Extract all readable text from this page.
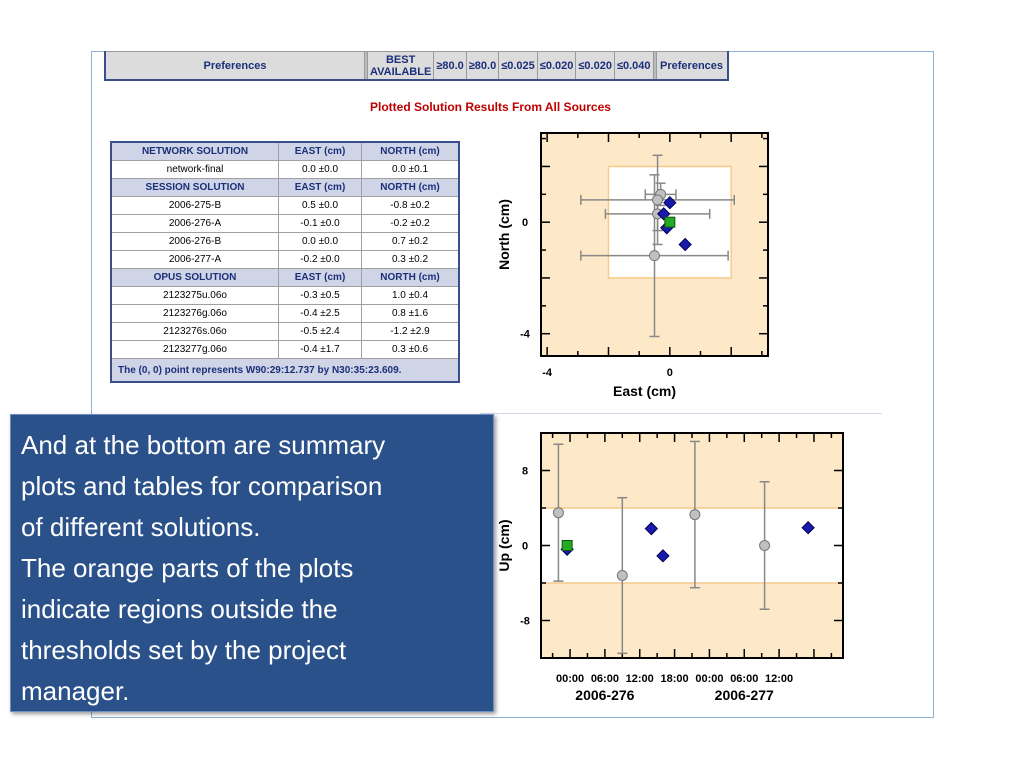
Preferences		BEST
AVAILABLE	≥80.0	≥80.0	≤0.025	≤0.020	≤0.020	≤0.040		Preferences
Plotted Solution Results From All Sources
NETWORK SOLUTION	EAST (cm)	NORTH (cm)
network-final	0.0 ±0.0	0.0 ±0.1
SESSION SOLUTION	EAST (cm)	NORTH (cm)
2006-275-B	0.5 ±0.0	-0.8 ±0.2
2006-276-A	-0.1 ±0.0	-0.2 ±0.2
2006-276-B	0.0 ±0.0	0.7 ±0.2
2006-277-A	-0.2 ±0.0	0.3 ±0.2
OPUS SOLUTION	EAST (cm)	NORTH (cm)
2123275u.06o	-0.3 ±0.5	1.0 ±0.4
2123276g.06o	-0.4 ±2.5	0.8 ±1.6
2123276s.06o	-0.5 ±2.4	-1.2 ±2.9
2123277g.06o	-0.4 ±1.7	0.3 ±0.6
The (0, 0) point represents W90:29:12.737 by N30:35:23.609.			-4	0
0
-4
East (cm)
North (cm)
8
0
-8
00:00 06:00 12:00 18:00 00:00 06:00 12:00
2006-276	2006-277
Up (cm)
And at the bottom are summary
plots and tables for comparison
of different solutions.
The orange parts of the plots
indicate regions outside the
thresholds set by the project
manager.
